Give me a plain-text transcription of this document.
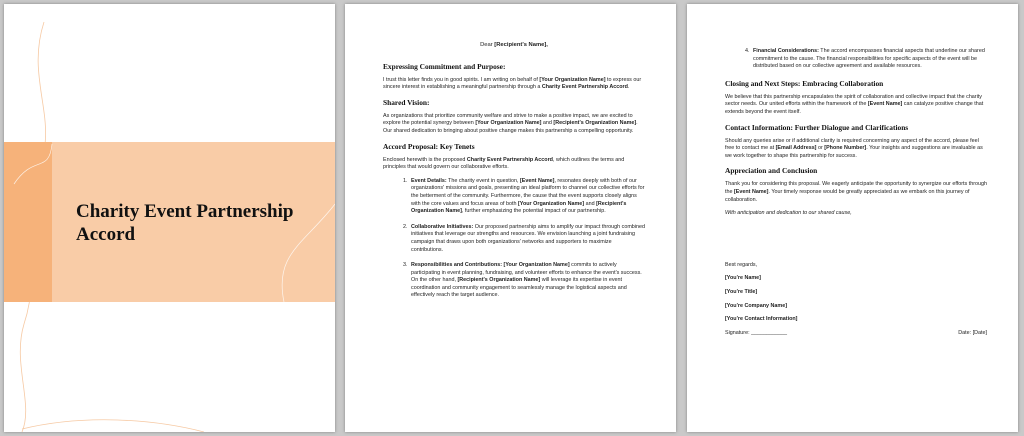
Charity Event Partnership Accord
Dear [Recipient's Name],
Expressing Commitment and Purpose:

I trust this letter finds you in good spirits. I am writing on behalf of [Your Organization Name] to express our sincere interest in establishing a meaningful partnership through a Charity Event Partnership Accord.

Shared Vision:

As organizations that prioritize community welfare and strive to make a positive impact, we are excited to explore the potential synergy between [Your Organization Name] and [Recipient's Organization Name]. Our shared dedication to bringing about positive change makes this partnership a compelling opportunity.

Accord Proposal: Key Tenets

Enclosed herewith is the proposed Charity Event Partnership Accord, which outlines the terms and principles that would govern our collaborative efforts.

1. Event Details: The charity event in question, [Event Name], resonates deeply with both of our organizations' missions and goals, presenting an ideal platform to channel our collective efforts for the betterment of the community. Furthermore, the cause that the event supports closely aligns with the core values and focus areas of both [Your Organization Name] and [Recipient's Organization Name], further emphasizing the potential impact of our partnership.
2. Collaborative Initiatives: Our proposed partnership aims to amplify our impact through combined initiatives that leverage our strengths and resources. We envision launching a joint fundraising campaign that draws upon both organizations' networks and supporters to maximize contributions.
3. Responsibilities and Contributions: [Your Organization Name] commits to actively participating in event planning, fundraising, and volunteer efforts to enhance the event's success. On the other hand, [Recipient's Organization Name] will leverage its expertise in event coordination and community engagement to seamlessly manage the logistical aspects and effectively reach the target audience.
4. Financial Considerations: The accord encompasses financial aspects that underline our shared commitment to the cause. The financial responsibilities for specific aspects of the event will be distributed based on our collective agreement and available resources.
Closing and Next Steps: Embracing Collaboration

We believe that this partnership encapsulates the spirit of collaboration and collective impact that the charity sector needs. Our united efforts within the framework of the [Event Name] can catalyze positive change that extends beyond the event itself.

Contact Information: Further Dialogue and Clarifications

Should any queries arise or if additional clarity is required concerning any aspect of the accord, please feel free to contact me at [Email Address] or [Phone Number]. Your insights and suggestions are invaluable as we work together to shape this partnership for success.

Appreciation and Conclusion

Thank you for considering this proposal. We eagerly anticipate the opportunity to synergize our efforts through the [Event Name]. Your timely response would be greatly appreciated as we embark on this journey of collaboration.

With anticipation and dedication to our shared cause,

Best regards,

[You're Name]

[You're Title]

[You're Company Name]

[You're Contact Information]

Signature: ____________	Date: [Date]
